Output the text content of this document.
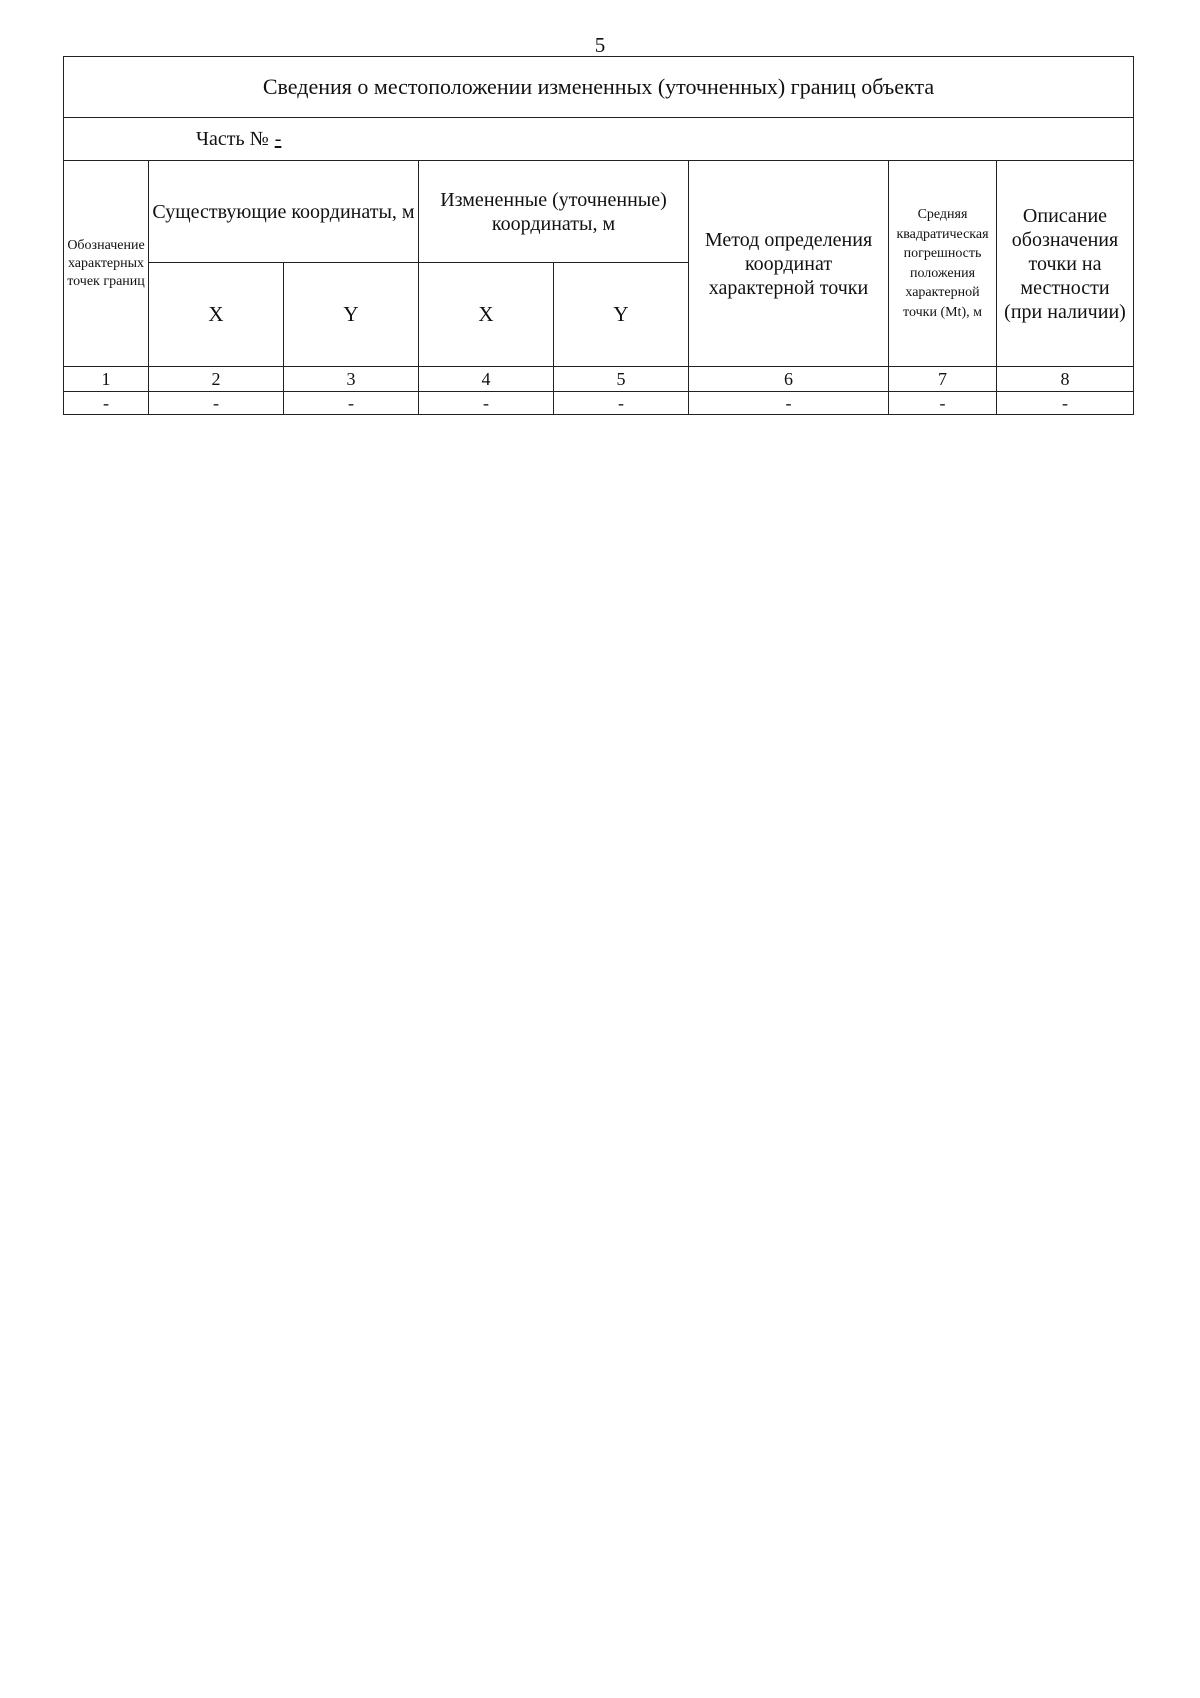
5
Сведения о местоположении измененных (уточненных) границ объекта							
Часть № -							
Обозначение характерных точек границ	Существующие координаты, м		Измененные (уточненные) координаты, м		Метод определения координат характерной точки	Средняя квадратическая погрешность положения характерной точки (Mt), м	Описание обозначения точки на местности (при наличии)
	X	Y	X	Y			
1	2	3	4	5	6	7	8
-	-	-	-	-	-	-	-
